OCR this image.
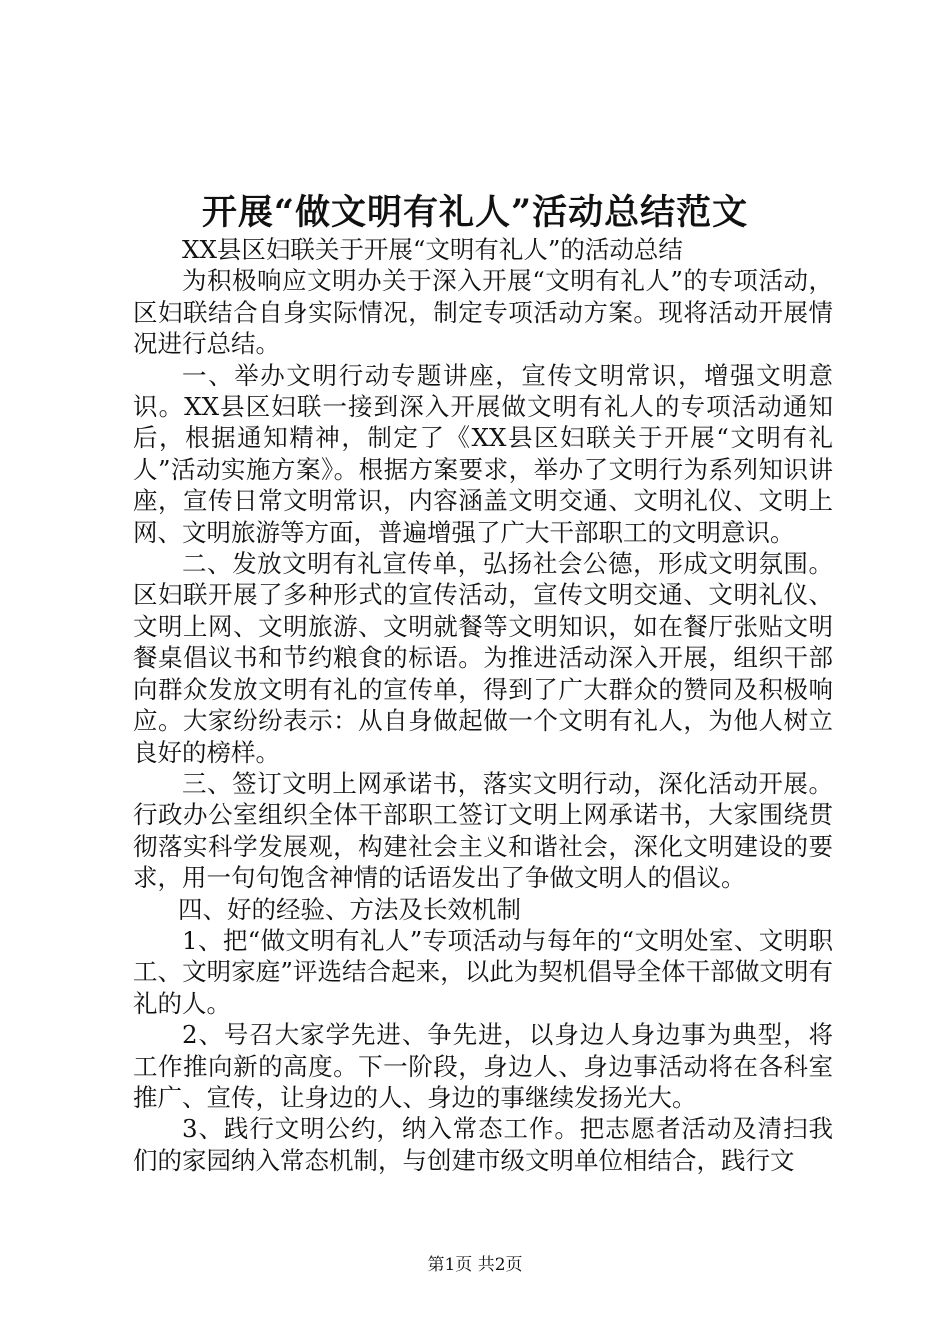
开展“做文明有礼人”活动总结范文

XX县区妇联关于开展“文明有礼人”的活动总结

为积极响应文明办关于深入开展“文明有礼人”的专项活动，区妇联结合自身实际情况，制定专项活动方案。现将活动开展情况进行总结。

一、举办文明行动专题讲座，宣传文明常识，增强文明意识。XX县区妇联一接到深入开展做文明有礼人的专项活动通知后，根据通知精神，制定了《XX县区妇联关于开展“文明有礼人”活动实施方案》。根据方案要求，举办了文明行为系列知识讲座，宣传日常文明常识，内容涵盖文明交通、文明礼仪、文明上网、文明旅游等方面，普遍增强了广大干部职工的文明意识。

二、发放文明有礼宣传单，弘扬社会公德，形成文明氛围。区妇联开展了多种形式的宣传活动，宣传文明交通、文明礼仪、文明上网、文明旅游、文明就餐等文明知识，如在餐厅张贴文明餐桌倡议书和节约粮食的标语。为推进活动深入开展，组织干部向群众发放文明有礼的宣传单，得到了广大群众的赞同及积极响应。大家纷纷表示：从自身做起做一个文明有礼人，为他人树立良好的榜样。

三、签订文明上网承诺书，落实文明行动，深化活动开展。行政办公室组织全体干部职工签订文明上网承诺书，大家围绕贯彻落实科学发展观，构建社会主义和谐社会，深化文明建设的要求，用一句句饱含神情的话语发出了争做文明人的倡议。

四、好的经验、方法及长效机制

1、把“做文明有礼人”专项活动与每年的“文明处室、文明职工、文明家庭”评选结合起来，以此为契机倡导全体干部做文明有礼的人。

2、号召大家学先进、争先进，以身边人身边事为典型，将工作推向新的高度。下一阶段，身边人、身边事活动将在各科室推广、宣传，让身边的人、身边的事继续发扬光大。

3、践行文明公约，纳入常态工作。把志愿者活动及清扫我们的家园纳入常态机制，与创建市级文明单位相结合，践行文

第1页 共2页
